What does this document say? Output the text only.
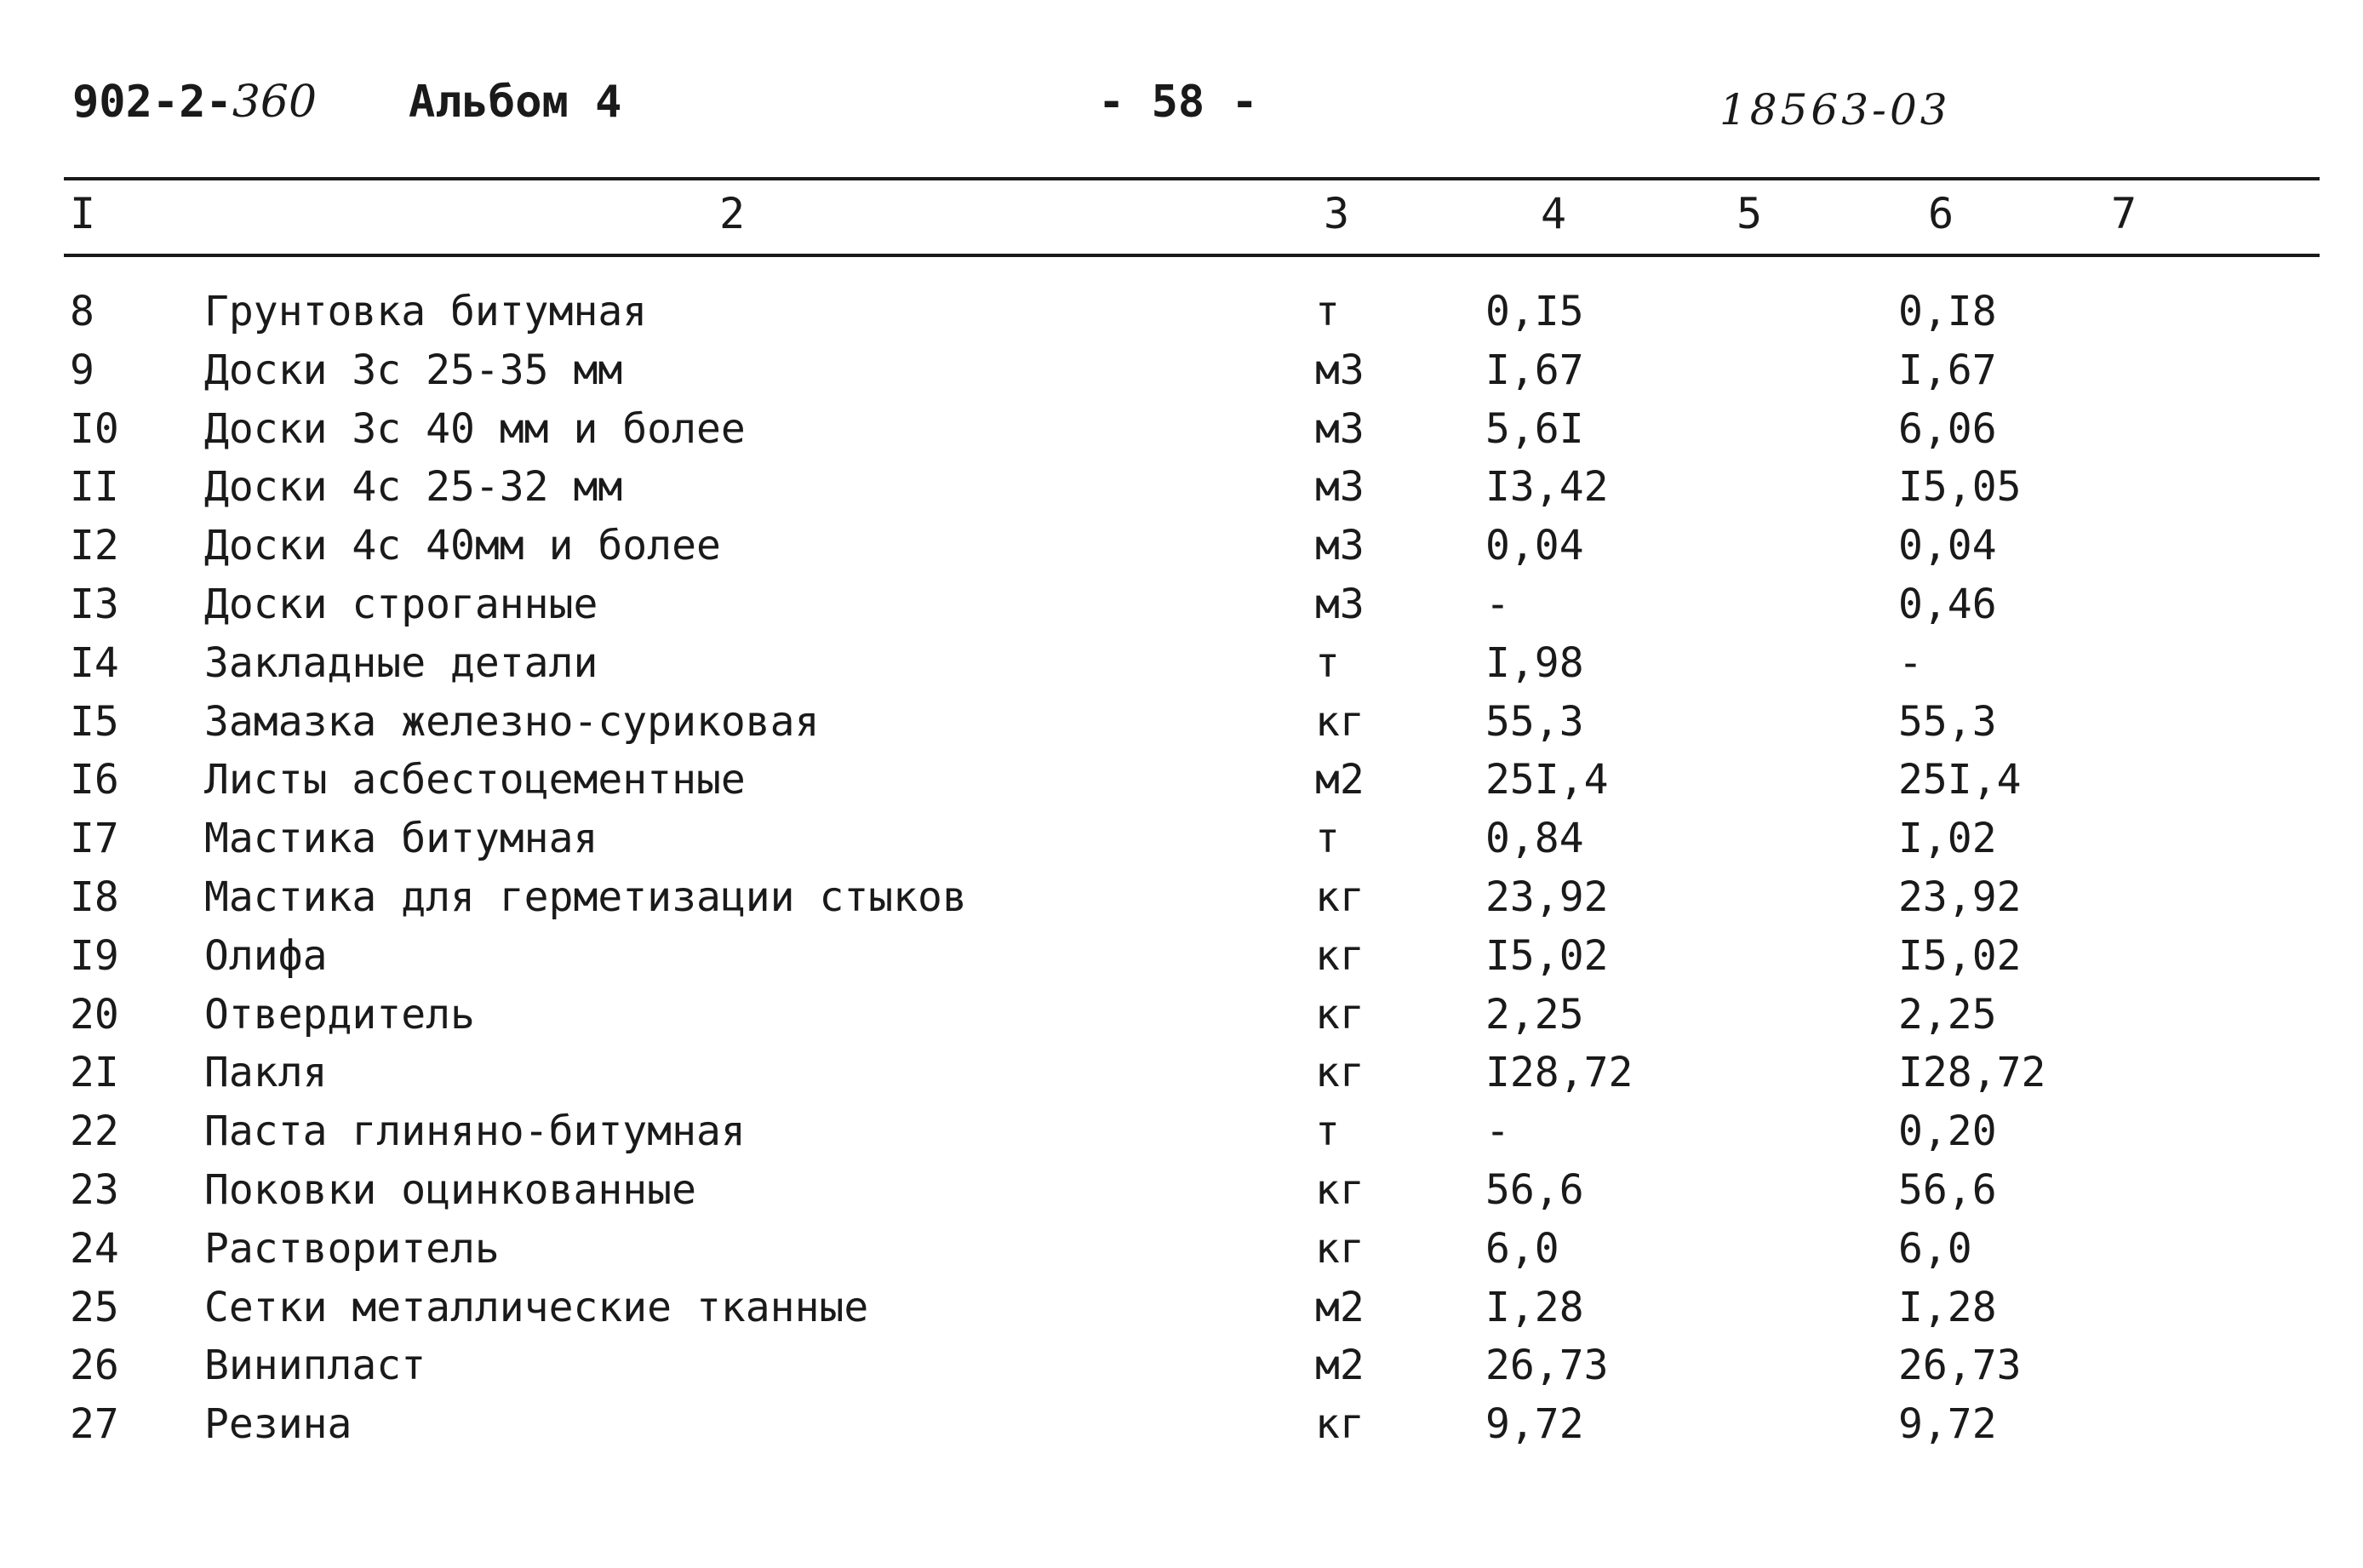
902-2-360 Альбом 4	- 58 -	18563-03
I	2	3	4	5	6	7
8	Грунтовка битумная	т	0,I5	0,I8
9	Доски 3с 25-35 мм	м3	I,67	I,67
I0 Доски 3с 40 мм и более	м3	5,6I	6,06
II Доски 4с 25-32 мм	м3	I3,42	I5,05
I2 Доски 4с 40мм и более	м3	0,04	0,04
I3 Доски строганные	м3	-	0,46
I4 Закладные детали	т	I,98	-
I5 Замазка железно-суриковая	кг	55,3	55,3
I6 Листы асбестоцементные	м2	25I,4	25I,4
I7 Мастика битумная	т	0,84	I,02
I8 Мастика для герметизации стыков	кг	23,92	23,92
I9 Олифа	кг	I5,02	I5,02
20 Отвердитель	кг	2,25	2,25
2I Пакля	кг	I28,72	I28,72
22 Паста глиняно-битумная	т	-	0,20
23 Поковки оцинкованные	кг	56,6	56,6
24 Растворитель	кг	6,0	6,0
25 Сетки металлические тканные	м2	I,28	I,28
26 Винипласт	м2	26,73	26,73
27 Резина	кг	9,72	9,72
